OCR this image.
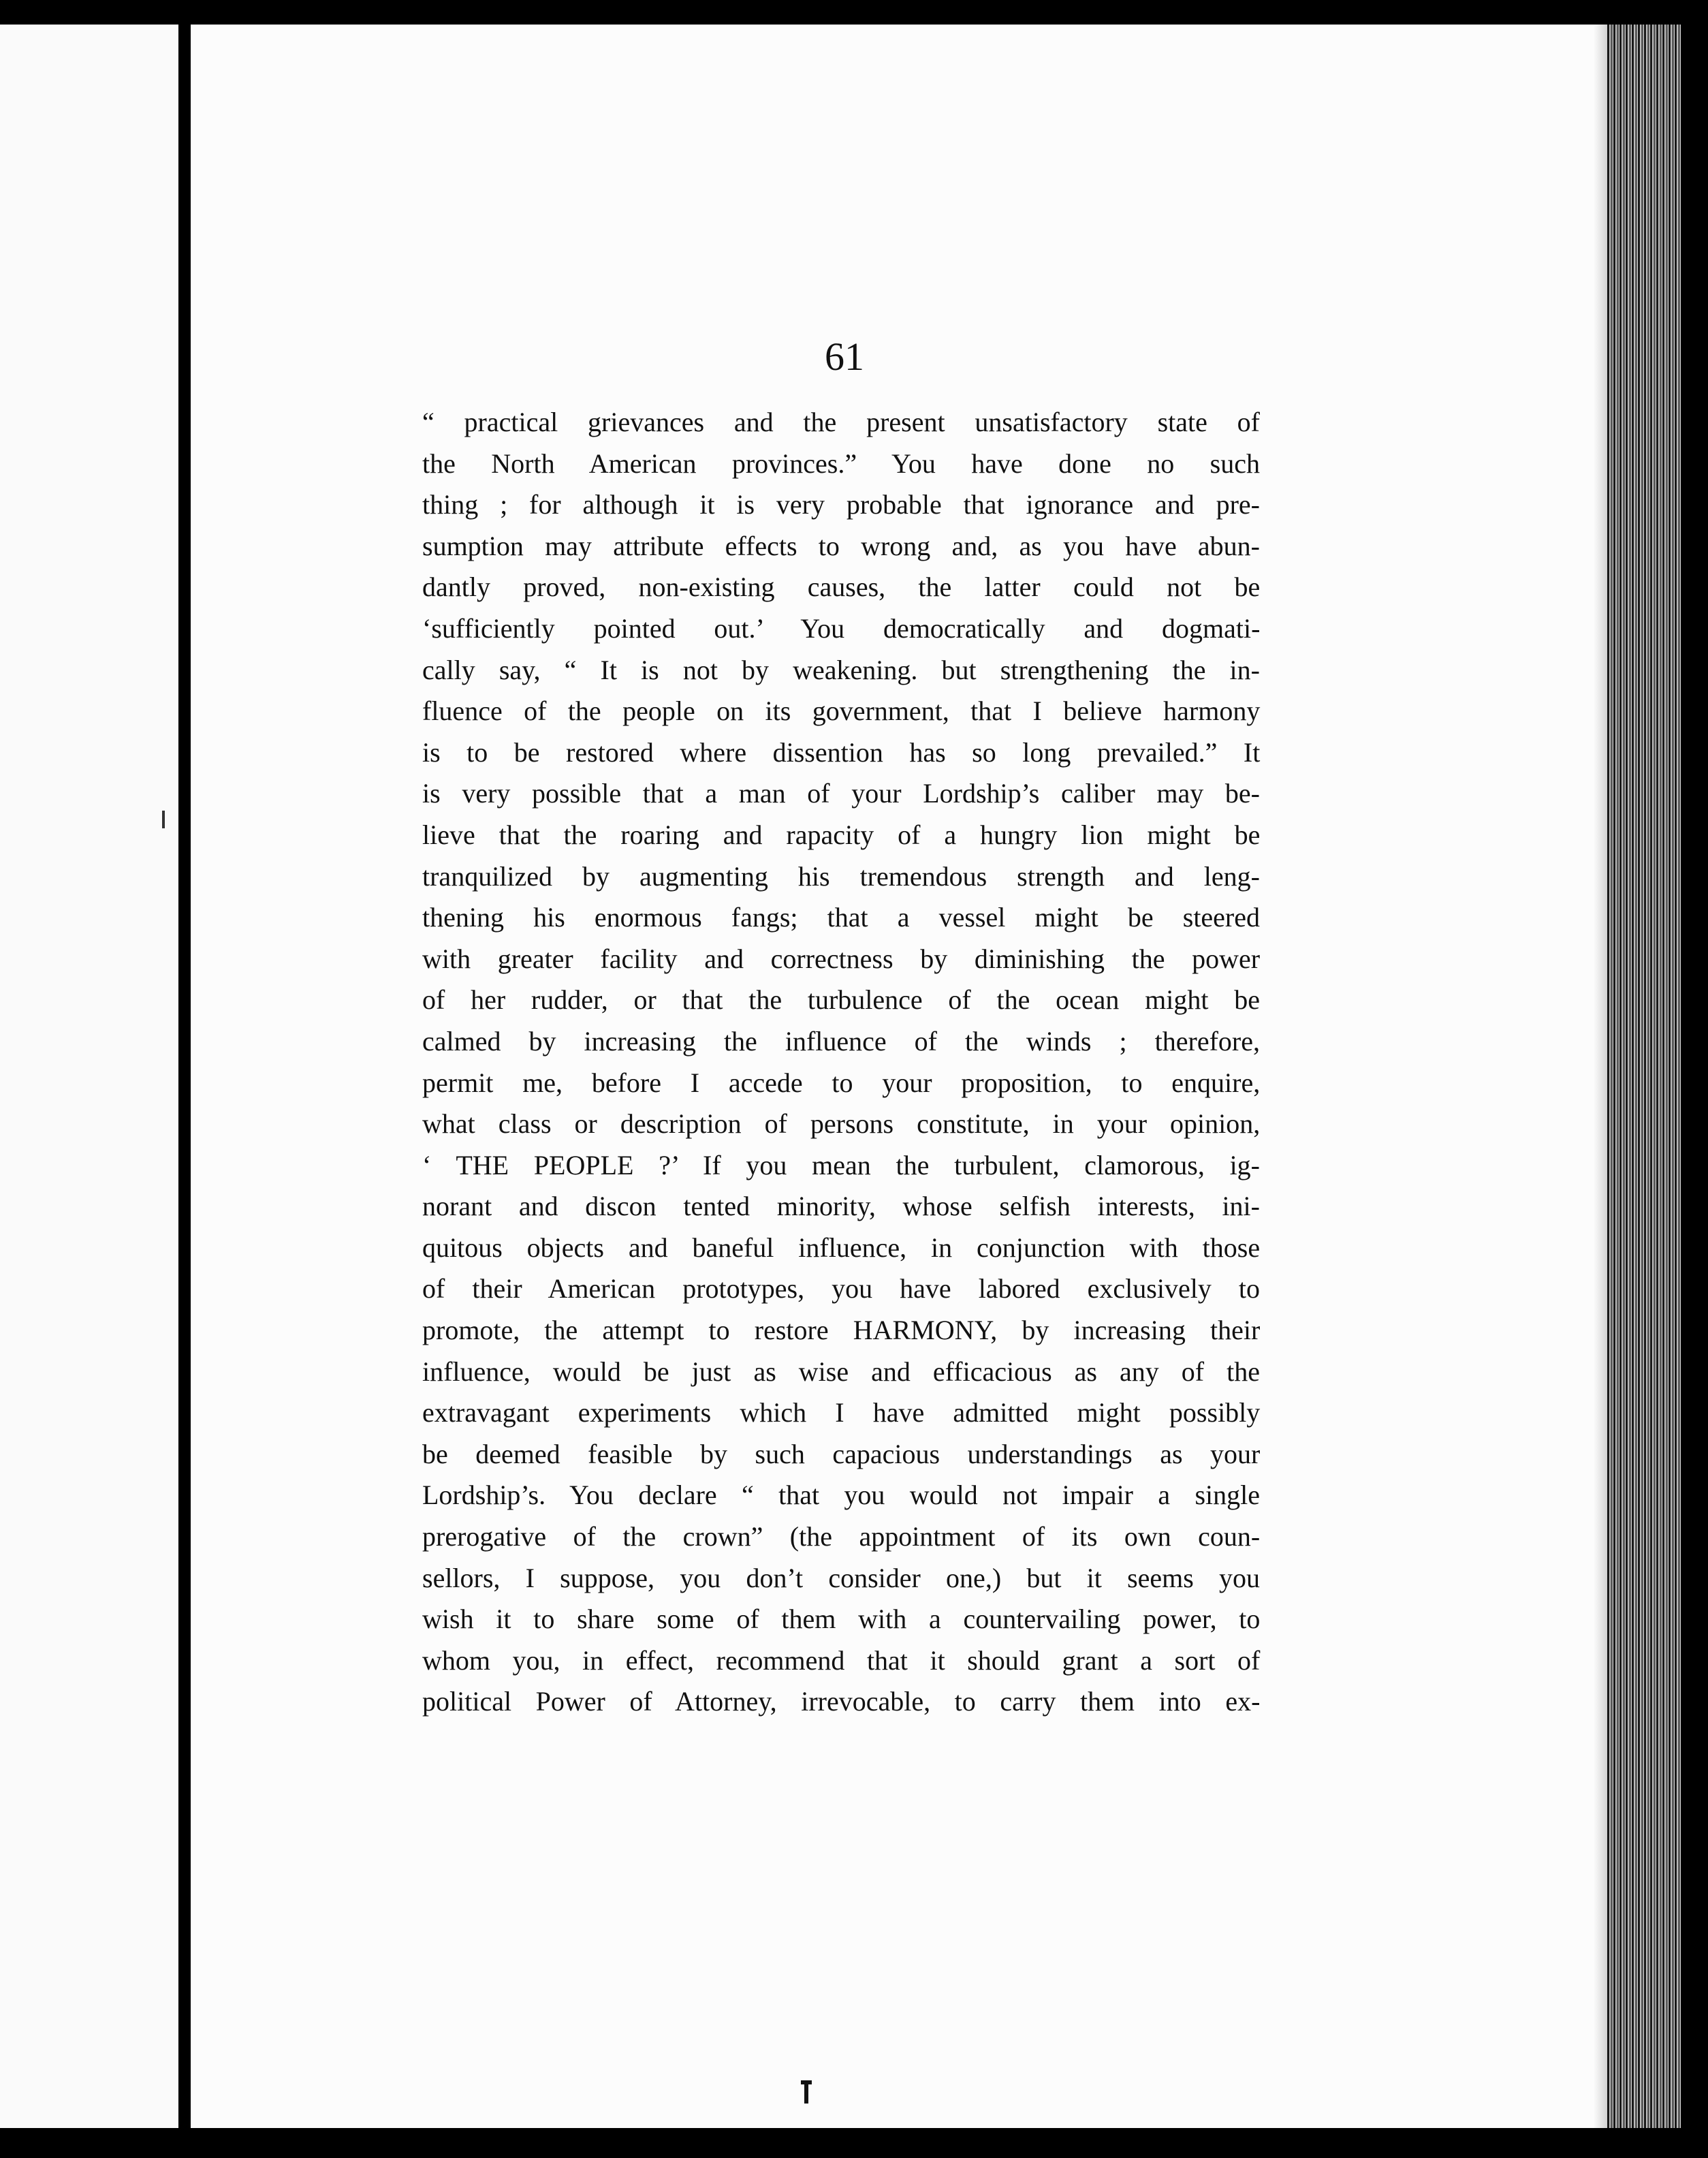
61
“ practical grievances and the present unsatisfactory state of
the North American provinces.” You have done no such
thing ; for although it is very probable that ignorance and pre-
sumption may attribute effects to wrong and, as you have abun-
dantly proved, non-existing causes, the latter could not be
‘sufficiently pointed out.’ You democratically and dogmati-
cally say, “ It is not by weakening. but strengthening the in-
fluence of the people on its government, that I believe harmony
is to be restored where dissention has so long prevailed.” It
is very possible that a man of your Lordship’s caliber may be-
lieve that the roaring and rapacity of a hungry lion might be
tranquilized by augmenting his tremendous strength and leng-
thening his enormous fangs; that a vessel might be steered
with greater facility and correctness by diminishing the power
of her rudder, or that the turbulence of the ocean might be
calmed by increasing the influence of the winds ; therefore,
permit me, before I accede to your proposition, to enquire,
what class or description of persons constitute, in your opinion,
‘ THE PEOPLE ?’ If you mean the turbulent, clamorous, ig-
norant and discon tented minority, whose selfish interests, ini-
quitous objects and baneful influence, in conjunction with those
of their American prototypes, you have labored exclusively to
promote, the attempt to restore HARMONY, by increasing their
influence, would be just as wise and efficacious as any of the
extravagant experiments which I have admitted might possibly
be deemed feasible by such capacious understandings as your
Lordship’s. You declare “ that you would not impair a single
prerogative of the crown” (the appointment of its own coun-
sellors, I suppose, you don’t consider one,) but it seems you
wish it to share some of them with a countervailing power, to
whom you, in effect, recommend that it should grant a sort of
political Power of Attorney, irrevocable, to carry them into ex-
